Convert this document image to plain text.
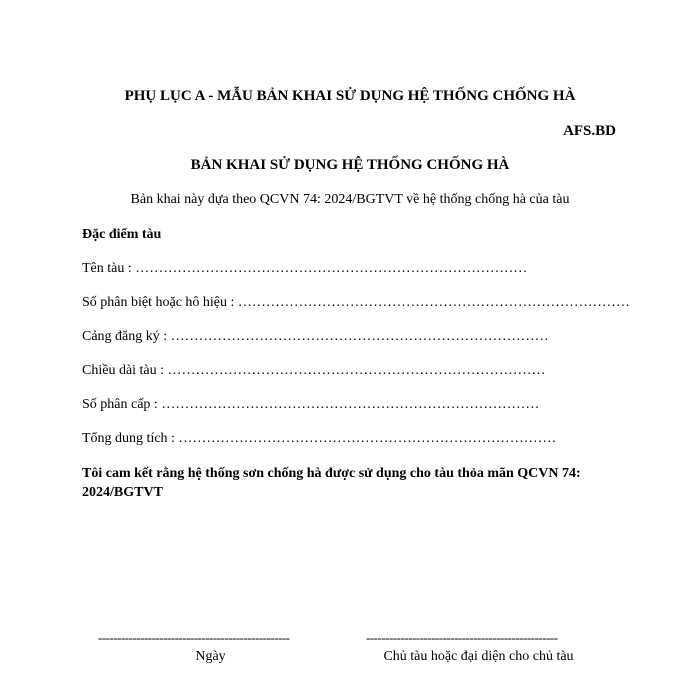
PHỤ LỤC A - MẪU BẢN KHAI SỬ DỤNG HỆ THỐNG CHỐNG HÀ
AFS.BD
BẢN KHAI SỬ DỤNG HỆ THỐNG CHỐNG HÀ
Bản khai này dựa theo QCVN 74: 2024/BGTVT về hệ thống chống hà của tàu
Đặc điểm tàu
Tên tàu : …………………………………………………………………………
Số phân biệt hoặc hô hiệu : …………………………………………………………………………
Cảng đăng ký : ………………………………………………………………………
Chiều dài tàu : ………………………………………………………………………
Số phân cấp : ………………………………………………………………………
Tổng dung tích : ………………………………………………………………………
Tôi cam kết rằng hệ thống sơn chống hà được sử dụng cho tàu thỏa mãn QCVN 74: 2024/BGTVT
--------------------------------------------------
Ngày
--------------------------------------------------
Chủ tàu hoặc đại diện cho chủ tàu
